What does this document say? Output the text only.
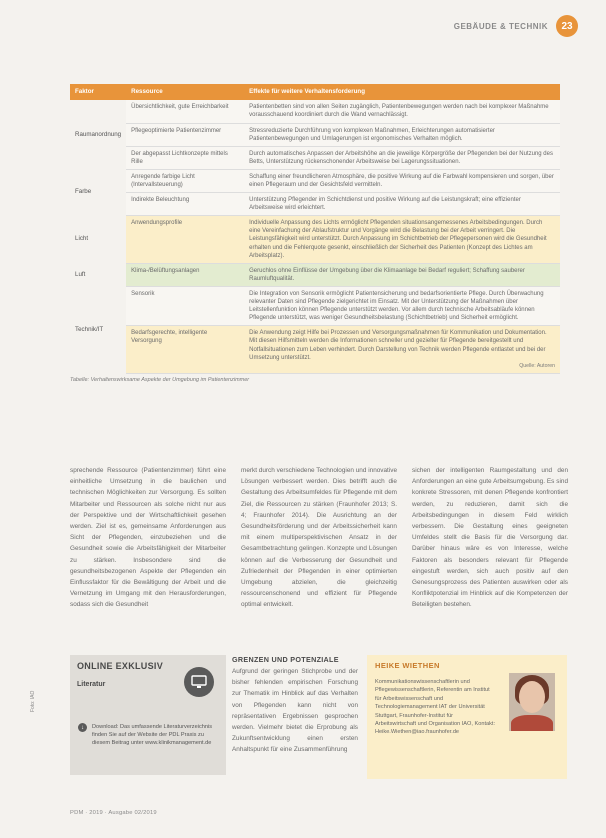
GEBÄUDE & TECHNIK	23
Faktor	Ressource	Effekte für weitere Verhaltensforderung
Raumanordnung	Übersichtlichkeit, gute Erreichbarkeit	Patientenbetten sind von allen Seiten zugänglich, Patientenbewegungen werden nach bei komplexer Maßnahme vorausschauend koordiniert durch die Wand vernachlässigt.
	Pflegeoptimierte Patientenzimmer	Stressreduzierte Durchführung von komplexen Maßnahmen, Erleichterungen automatisierter Patientenbewegungen und Umlagerungen ist ergonomisches Verhalten möglich.
	Der abgepasst Lichtkonzepte mittels Rille	Durch automatisches Anpassen der Arbeitshöhe an die jeweilige Körpergröße der Pflegenden bei der Nutzung des Betts, Unterstützung rückenschonender Arbeitsweise bei Lagerungssituationen.
Farbe	Anregende farbige Licht (Intervallsteuerung)	Schaffung einer freundlicheren Atmosphäre, die positive Wirkung auf die Farbwahl kompensieren und sorgen, über einen Pflegeraum und der Gesichtsfeld vermitteln.
	Indirekte Beleuchtung	Unterstützung Pflegender im Schichtdienst und positive Wirkung auf die Leistungskraft; eine effizienter Arbeitsweise wird erleichtert.
Licht	Anwendungsprofile	Individuelle Anpassung des Lichts ermöglicht Pflegenden situationsangemessenes Arbeitsbedingungen. Durch eine Vereinfachung der Ablaufstruktur und Vorgänge wird die Belastung bei der Arbeit verringert. Die Leistungsfähigkeit wird unterstützt. Durch Anpassung im Schichtbetrieb der Pflegepersonen wird die Gesundheit erhalten und die Fehlerquote gesenkt, einschließlich der Sicherheit des Patienten (Konzept des Lichtes am Arbeitsplatz).
Luft	Klima-/Belüftungsanlagen	Geruchlos ohne Einflüsse der Umgebung über die Klimaanlage bei Bedarf reguliert; Schaffung sauberer Raumluftqualität.
Technik/IT	Sensorik	Die Integration von Sensorik ermöglicht Patientensicherung und bedarfsorientierte Pflege. Durch Überwachung relevanter Daten sind Pflegende zielgerichtet im Einsatz. Mit der Unterstützung der Maßnahmen über Leitstellenfunktion können Pflegende unterstützt werden. Vor allem durch technische Arbeitsabläufe können Pflegende unterstützt, was weniger Gesundheitsbelastung (Schichtbetrieb) und Sicherheit ermöglicht.
	Bedarfsgerechte, intelligente Versorgung	Die Anwendung zeigt Hilfe bei Prozessen und Versorgungsmaßnahmen für Kommunikation und Dokumentation. Mit diesen Hilfsmitteln werden die Informationen schneller und gezielter für Pflegende bereitgestellt und Notfallsituationen zum Leben verhindert. Durch Darstellung von Technik werden Pflegende entlastet und bei der Umsetzung unterstützt.
Quelle: Autoren
Tabelle: Verhaltenswirksame Aspekte der Umgebung im Patientenzimmer

sprechende Ressource (Patientenzimmer) führt eine einheitliche Umsetzung in die baulichen und technischen Möglichkeiten zur Versorgung. Es sollten Mitarbeiter und Ressourcen als solche nicht nur aus der Perspektive und der Wirtschaftlichkeit gesehen werden. Ziel ist es, gemeinsame Anforderungen aus Sicht der Pflegenden, einzubeziehen und die Gesundheit sowie die Arbeitsfähigkeit der Mitarbeiter zu stärken. Insbesondere sind die gesundheitsbezogenen Aspekte der Pflegenden ein Einflussfaktor für die Bewältigung der Arbeit und die Vernetzung im Umgang mit den Herausforderungen, sodass sich die Gesundheit

merkt durch verschiedene Technologien und innovative Lösungen verbessert werden. Dies betrifft auch die Gestaltung des Arbeitsumfeldes für Pflegende mit dem Ziel, die Ressourcen zu stärken (Fraunhofer 2013; S. 4; Fraunhofer 2014). Die Ausrichtung an der Gesundheitsförderung und der Arbeitssicherheit kann mit einem multiperspektivischen Ansatz in der Gesamtbetrachtung gelingen. Konzepte und Lösungen können auf die Verbesserung der Gesundheit und Zufriedenheit der Pflegenden in einer optimierten Umgebung abzielen, die gleichzeitig ressourcenschonend und effizient für Pflegende optimal entwickelt.

sichen der intelligenten Raumgestaltung und den Anforderungen an eine gute Arbeitsumgebung. Es sind konkrete Stressoren, mit denen Pflegende konfrontiert werden, zu reduzieren, damit sich die Arbeitsbedingungen in diesem Feld wirklich verbessern. Die Gestaltung eines geeigneten Umfeldes stellt die Basis für die Versorgung dar. Darüber hinaus wäre es von Interesse, welche Faktoren als besonders relevant für Pflegende eingestuft werden, sich auch positiv auf den Genesungsprozess des Patienten auswirken oder als Konfliktpotenzial im Hinblick auf die Kompetenzen der Beteiligten bestehen.

ONLINE EXKLUSIV
Literatur
↓	Download: Das umfassende Literaturverzeichnis finden Sie auf der Website der PDL Praxis zu diesem Beitrag unter www.klinikmanagement.de
GRENZEN UND POTENZIALE

Aufgrund der geringen Stichprobe und der bisher fehlenden empirischen Forschung zur Thematik im Hinblick auf das Verhalten von Pflegenden kann nicht von repräsentativen Ergebnissen gesprochen werden. Vielmehr bietet die Erprobung als Zukunftsentwicklung einen ersten Anhaltspunkt für eine Zusammenführung

HEIKE WIETHEN
Kommunikationswissenschaftlerin und Pflegewissenschaftlerin, Referentin am Institut für Arbeitswissenschaft und Technologiemanagement IAT der Universität Stuttgart, Fraunhofer-Institut für Arbeitswirtschaft und Organisation IAO, Kontakt: Heike.Wiethen@iao.fraunhofer.de
Foto: IAO
PDM · 2019 · Ausgabe 02/2019
